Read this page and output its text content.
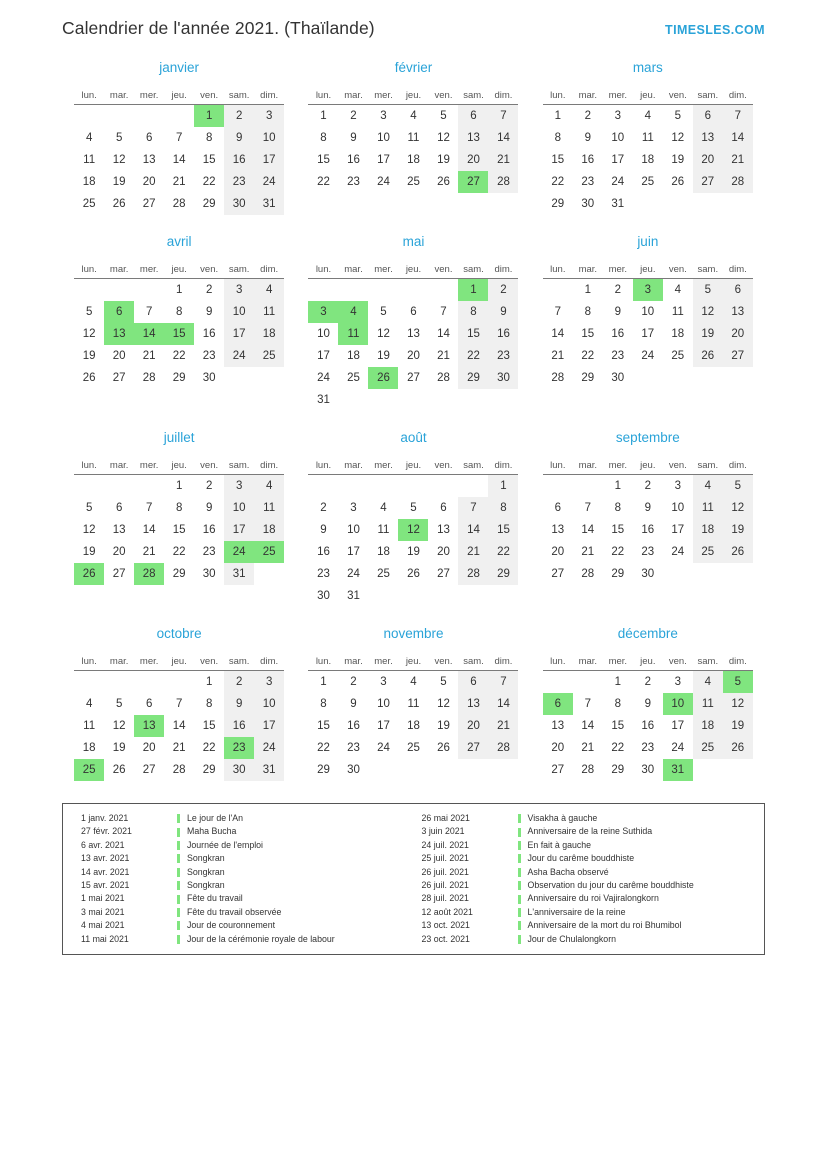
Calendrier de l'année 2021. (Thaïlande)	TIMESLES.COM
janvier
lun.	mar.	mer.	jeu.	ven.	sam.	dim.
				1	2	3
4	5	6	7	8	9	10
11	12	13	14	15	16	17
18	19	20	21	22	23	24
25	26	27	28	29	30	31
février
lun.	mar.	mer.	jeu.	ven.	sam.	dim.
1	2	3	4	5	6	7
8	9	10	11	12	13	14
15	16	17	18	19	20	21
22	23	24	25	26	27	28
mars
lun.	mar.	mer.	jeu.	ven.	sam.	dim.
1	2	3	4	5	6	7
8	9	10	11	12	13	14
15	16	17	18	19	20	21
22	23	24	25	26	27	28
29	30	31				
avril
lun.	mar.	mer.	jeu.	ven.	sam.	dim.
			1	2	3	4
5	6	7	8	9	10	11
12	13	14	15	16	17	18
19	20	21	22	23	24	25
26	27	28	29	30		
mai
lun.	mar.	mer.	jeu.	ven.	sam.	dim.
					1	2
3	4	5	6	7	8	9
10	11	12	13	14	15	16
17	18	19	20	21	22	23
24	25	26	27	28	29	30
31						
juin
lun.	mar.	mer.	jeu.	ven.	sam.	dim.
	1	2	3	4	5	6
7	8	9	10	11	12	13
14	15	16	17	18	19	20
21	22	23	24	25	26	27
28	29	30				
juillet
lun.	mar.	mer.	jeu.	ven.	sam.	dim.
			1	2	3	4
5	6	7	8	9	10	11
12	13	14	15	16	17	18
19	20	21	22	23	24	25
26	27	28	29	30	31	
août
lun.	mar.	mer.	jeu.	ven.	sam.	dim.
						1
2	3	4	5	6	7	8
9	10	11	12	13	14	15
16	17	18	19	20	21	22
23	24	25	26	27	28	29
30	31					
septembre
lun.	mar.	mer.	jeu.	ven.	sam.	dim.
		1	2	3	4	5
6	7	8	9	10	11	12
13	14	15	16	17	18	19
20	21	22	23	24	25	26
27	28	29	30			
octobre
lun.	mar.	mer.	jeu.	ven.	sam.	dim.
				1	2	3
4	5	6	7	8	9	10
11	12	13	14	15	16	17
18	19	20	21	22	23	24
25	26	27	28	29	30	31
novembre
lun.	mar.	mer.	jeu.	ven.	sam.	dim.
1	2	3	4	5	6	7
8	9	10	11	12	13	14
15	16	17	18	19	20	21
22	23	24	25	26	27	28
29	30					
décembre
lun.	mar.	mer.	jeu.	ven.	sam.	dim.
		1	2	3	4	5
6	7	8	9	10	11	12
13	14	15	16	17	18	19
20	21	22	23	24	25	26
27	28	29	30	31		
1 janv. 2021	Le jour de l'An
27 févr. 2021	Maha Bucha
6 avr. 2021	Journée de l'emploi
13 avr. 2021	Songkran
14 avr. 2021	Songkran
15 avr. 2021	Songkran
1 mai 2021	Fête du travail
3 mai 2021	Fête du travail observée
4 mai 2021	Jour de couronnement
11 mai 2021	Jour de la cérémonie royale de labour
26 mai 2021	Visakha à gauche
3 juin 2021	Anniversaire de la reine Suthida
24 juil. 2021	En fait à gauche
25 juil. 2021	Jour du carême bouddhiste
26 juil. 2021	Asha Bacha observé
26 juil. 2021	Observation du jour du carême bouddhiste
28 juil. 2021	Anniversaire du roi Vajiralongkorn
12 août 2021	L'anniversaire de la reine
13 oct. 2021	Anniversaire de la mort du roi Bhumibol
23 oct. 2021	Jour de Chulalongkorn
